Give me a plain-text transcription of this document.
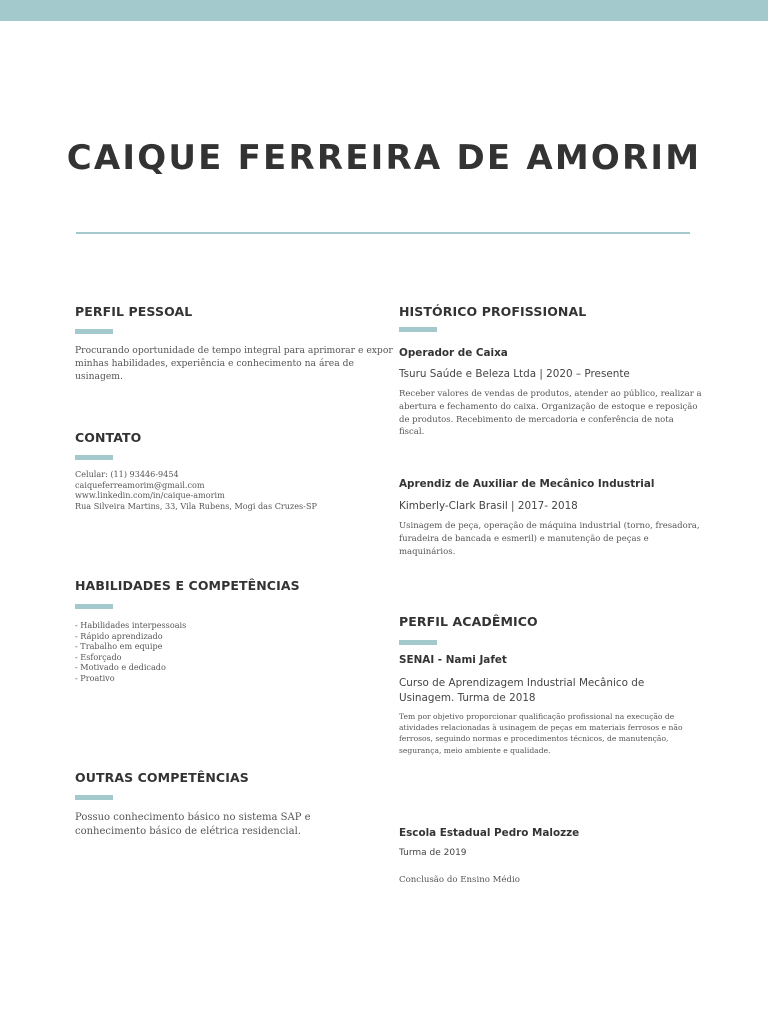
CAIQUE FERREIRA DE AMORIM
PERFIL PESSOAL
Procurando oportunidade de tempo integral para aprimorar e expor
minhas habilidades, experiência e conhecimento na área de
usinagem.
CONTATO
Celular: (11) 93446-9454
caiqueferreamorim@gmail.com
www.linkedin.com/in/caique-amorim
Rua Silveira Martins, 33, Vila Rubens, Mogi das Cruzes-SP
HABILIDADES E COMPETÊNCIAS
- Habilidades interpessoais
- Rápido aprendizado
- Trabalho em equipe
- Esforçado
- Motivado e dedicado
- Proativo
OUTRAS COMPETÊNCIAS
Possuo conhecimento básico no sistema SAP e
conhecimento básico de elétrica residencial.
HISTÓRICO PROFISSIONAL
Operador de Caixa
Tsuru Saúde e Beleza Ltda | 2020 – Presente
Receber valores de vendas de produtos, atender ao público, realizar a
abertura e fechamento do caixa. Organização de estoque e reposição
de produtos. Recebimento de mercadoria e conferência de nota
fiscal.
Aprendiz de Auxiliar de Mecânico Industrial
Kimberly-Clark Brasil | 2017- 2018
Usinagem de peça, operação de máquina industrial (torno, fresadora,
furadeira de bancada e esmeril) e manutenção de peças e
maquinários.
PERFIL ACADÊMICO
SENAI - Nami Jafet
Curso de Aprendizagem Industrial Mecânico de
Usinagem. Turma de 2018
Tem por objetivo proporcionar qualificação profissional na execução de
atividades relacionadas à usinagem de peças em materiais ferrosos e não
ferrosos, seguindo normas e procedimentos técnicos, de manutenção,
segurança, meio ambiente e qualidade.
Escola Estadual Pedro Malozze
Turma de 2019
Conclusão do Ensino Médio
